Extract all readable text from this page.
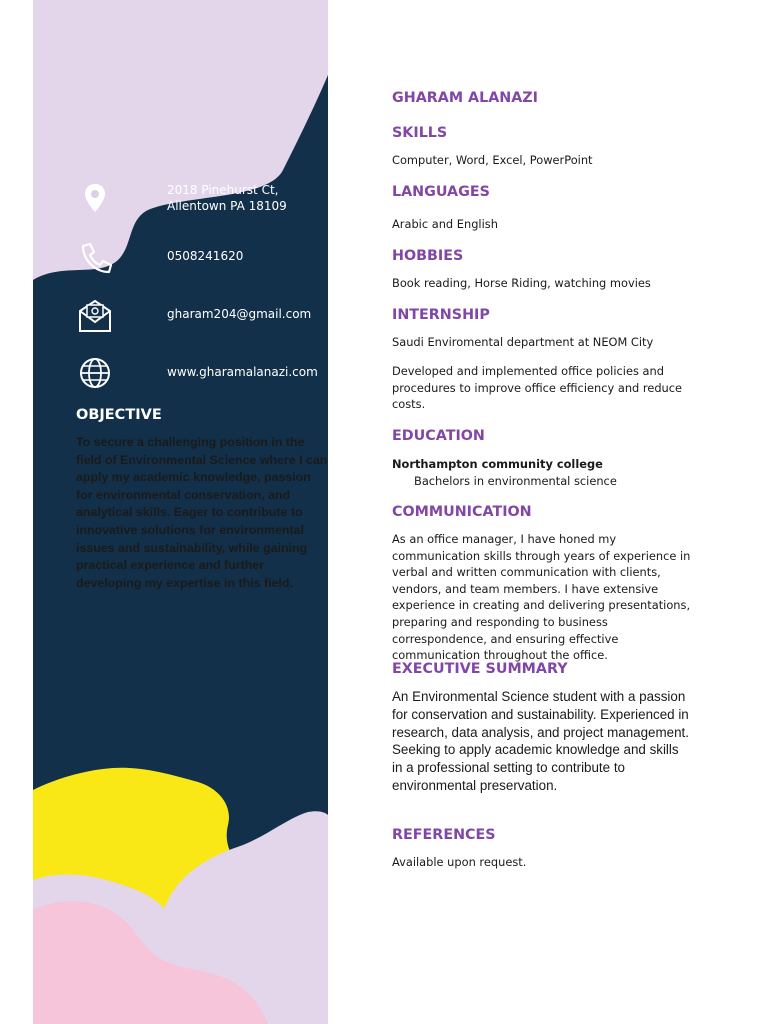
2018 Pinehurst Ct, Allentown PA 18109
0508241620
gharam204@gmail.com
www.gharamalanazi.com
OBJECTIVE
To secure a challenging position in the field of Environmental Science where I can apply my academic knowledge, passion for environmental conservation, and analytical skills. Eager to contribute to innovative solutions for environmental issues and sustainability, while gaining practical experience and further developing my expertise in this field.
GHARAM ALANAZI
SKILLS
Computer, Word, Excel, PowerPoint
LANGUAGES
Arabic and English
HOBBIES
Book reading, Horse Riding, watching movies
INTERNSHIP
Saudi Enviromental department at NEOM City
Developed and implemented office policies and procedures to improve office efficiency and reduce costs.
EDUCATION
Northampton community college
Bachelors in environmental science
COMMUNICATION
As an office manager, I have honed my communication skills through years of experience in verbal and written communication with clients, vendors, and team members. I have extensive experience in creating and delivering presentations, preparing and responding to business correspondence, and ensuring effective communication throughout the office.
EXECUTIVE SUMMARY
An Environmental Science student with a passion for conservation and sustainability. Experienced in research, data analysis, and project management. Seeking to apply academic knowledge and skills in a professional setting to contribute to environmental preservation.
REFERENCES
Available upon request.
